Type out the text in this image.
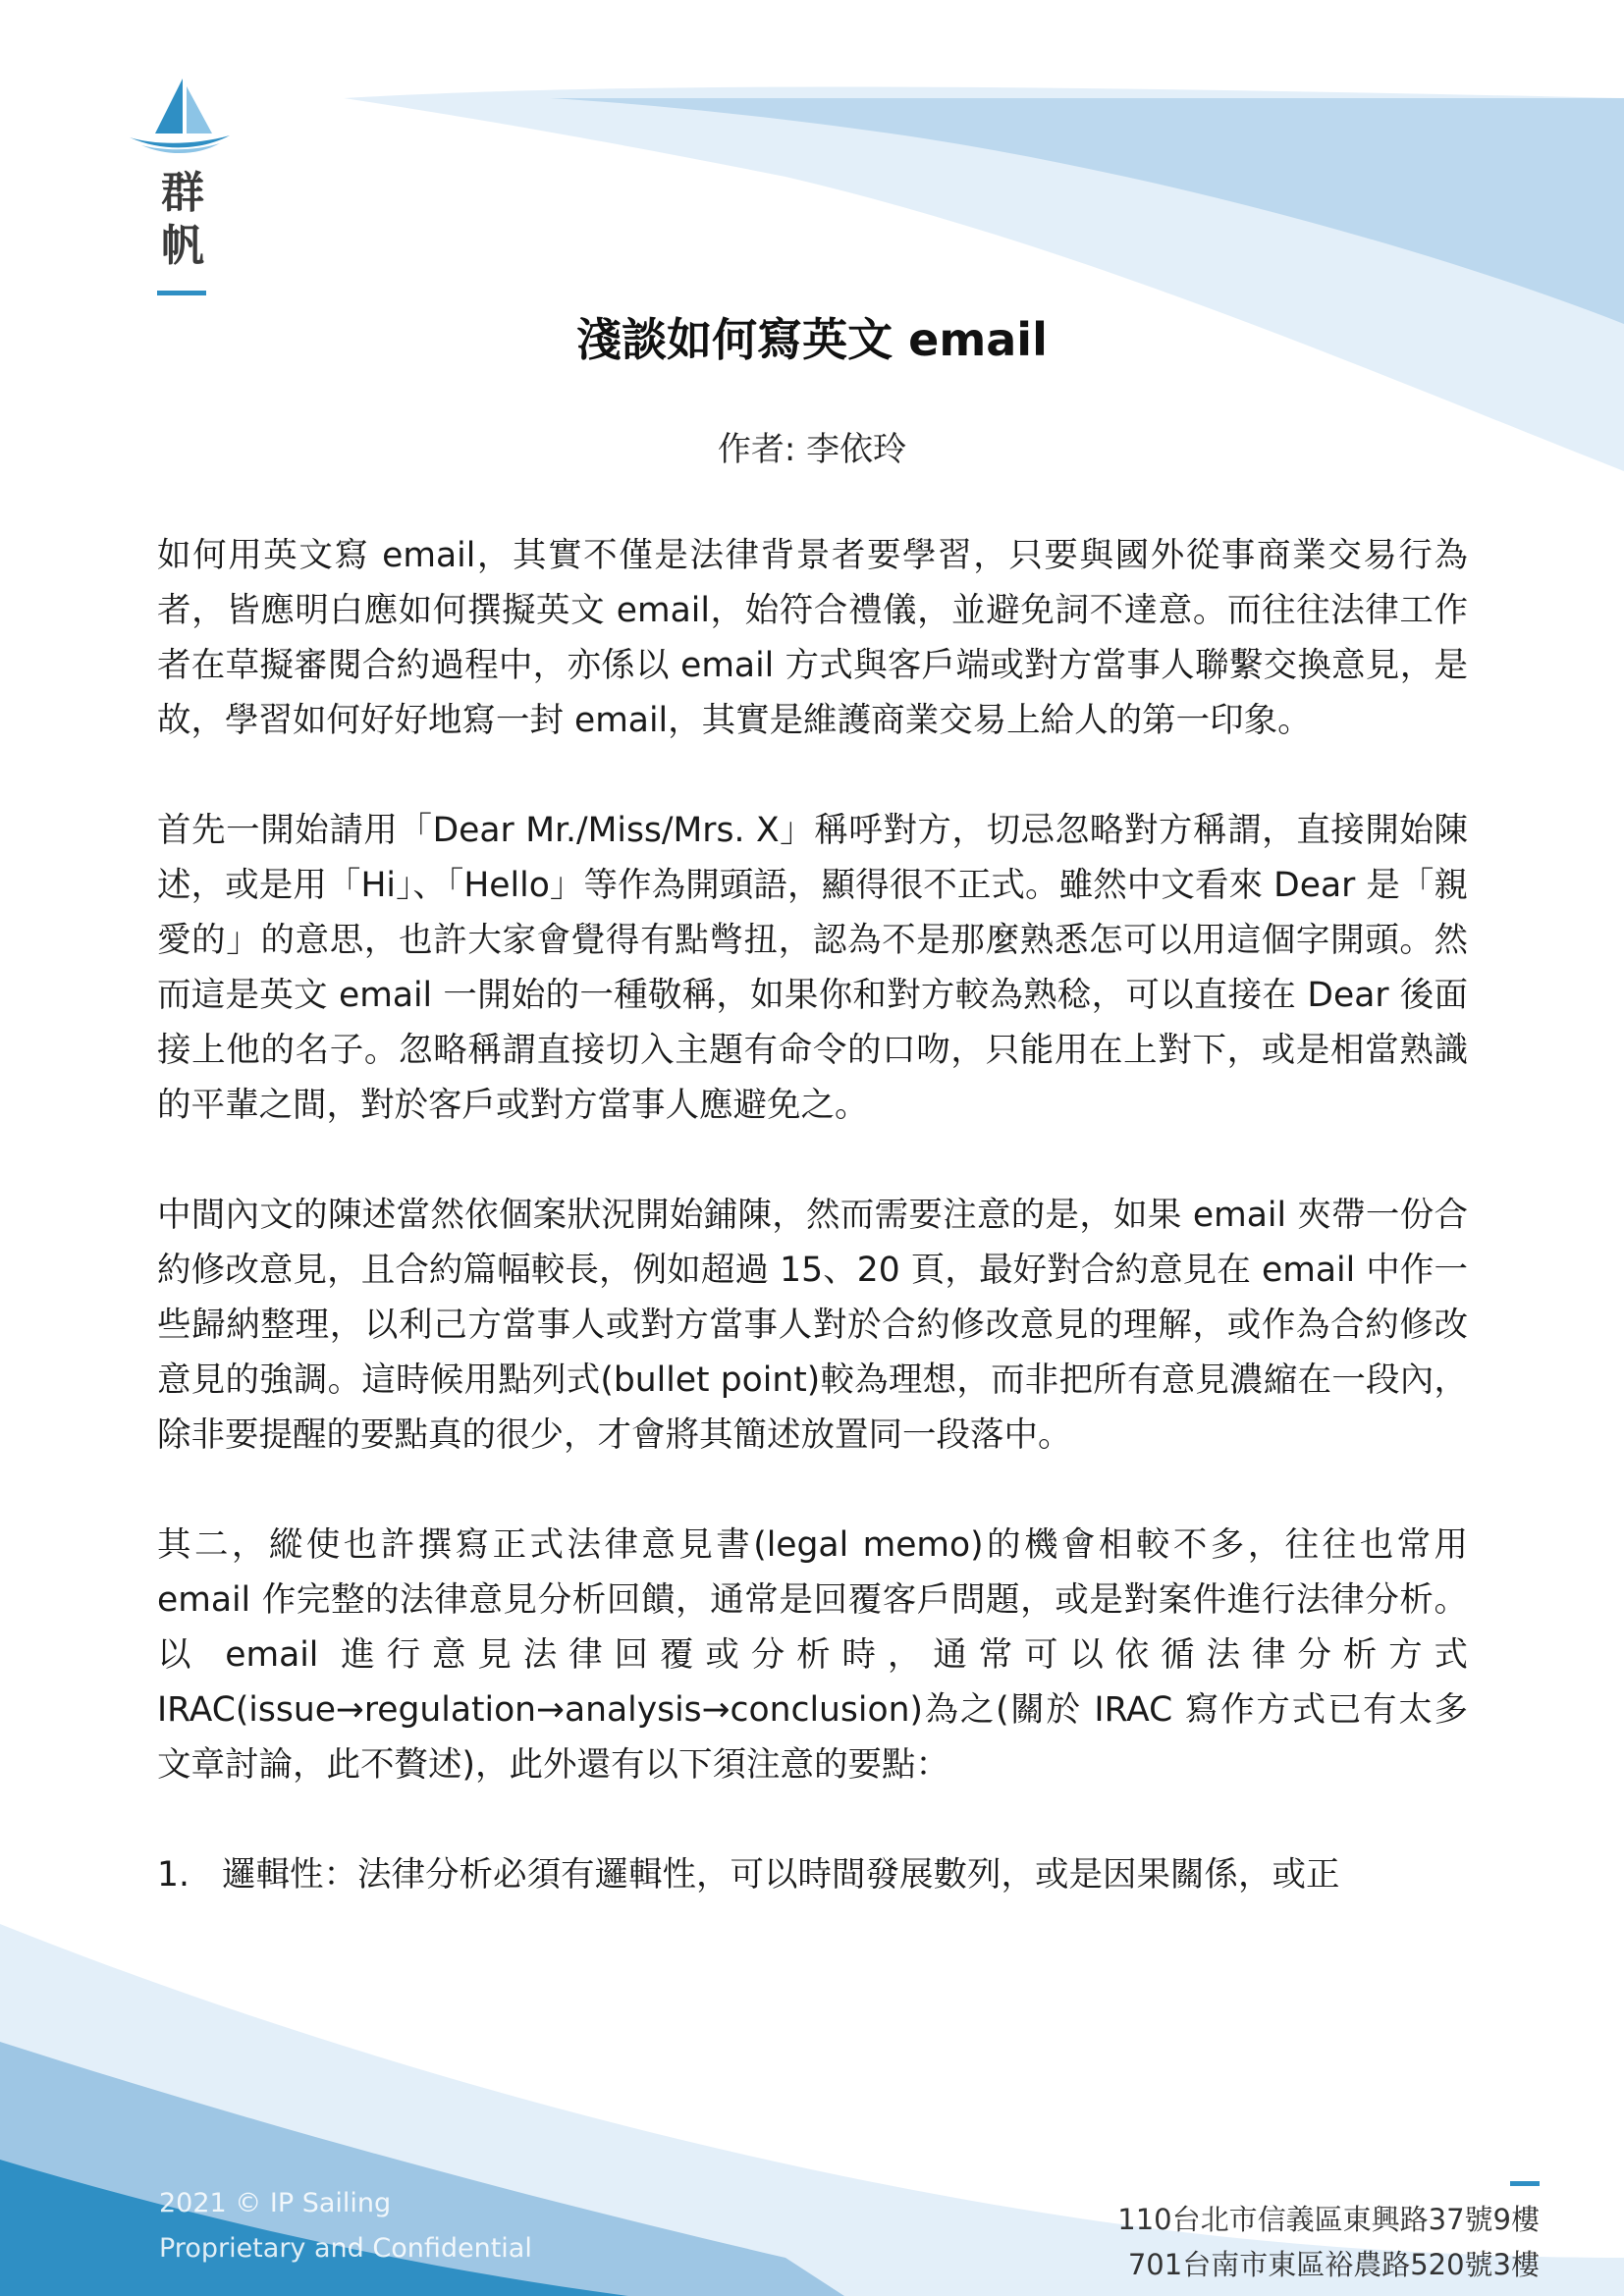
群帆
淺談如何寫英文 email
作者: 李依玲

如何用英文寫 email，其實不僅是法律背景者要學習，只要與國外從事商業交易行為者，皆應明白應如何撰擬英文 email，始符合禮儀，並避免詞不達意。而往往法律工作者在草擬審閱合約過程中，亦係以 email 方式與客戶端或對方當事人聯繫交換意見，是故，學習如何好好地寫一封 email，其實是維護商業交易上給人的第一印象。

首先一開始請用「Dear Mr./Miss/Mrs. X」稱呼對方，切忌忽略對方稱謂，直接開始陳述，或是用「Hi」、「Hello」等作為開頭語，顯得很不正式。雖然中文看來 Dear 是「親愛的」的意思，也許大家會覺得有點彆扭，認為不是那麼熟悉怎可以用這個字開頭。然而這是英文 email 一開始的一種敬稱，如果你和對方較為熟稔，可以直接在 Dear 後面接上他的名子。忽略稱謂直接切入主題有命令的口吻，只能用在上對下，或是相當熟識的平輩之間，對於客戶或對方當事人應避免之。

中間內文的陳述當然依個案狀況開始鋪陳，然而需要注意的是，如果 email 夾帶一份合約修改意見，且合約篇幅較長，例如超過 15、20 頁，最好對合約意見在 email 中作一些歸納整理，以利己方當事人或對方當事人對於合約修改意見的理解，或作為合約修改意見的強調。這時候用點列式(bullet point)較為理想，而非把所有意見濃縮在一段內，除非要提醒的要點真的很少，才會將其簡述放置同一段落中。

其二，縱使也許撰寫正式法律意見書(legal memo)的機會相較不多，往往也常用 email 作完整的法律意見分析回饋，通常是回覆客戶問題，或是對案件進行法律分析。以 email 進行意見法律回覆或分析時，通常可以依循法律分析方式 IRAC(issue→regulation→analysis→conclusion)為之(關於 IRAC 寫作方式已有太多文章討論，此不贅述)，此外還有以下須注意的要點：

1. 邏輯性：法律分析必須有邏輯性，可以時間發展數列，或是因果關係，或正
2021 © IP Sailing
Proprietary and Confidential
110台北市信義區東興路37號9樓
701台南市東區裕農路520號3樓
